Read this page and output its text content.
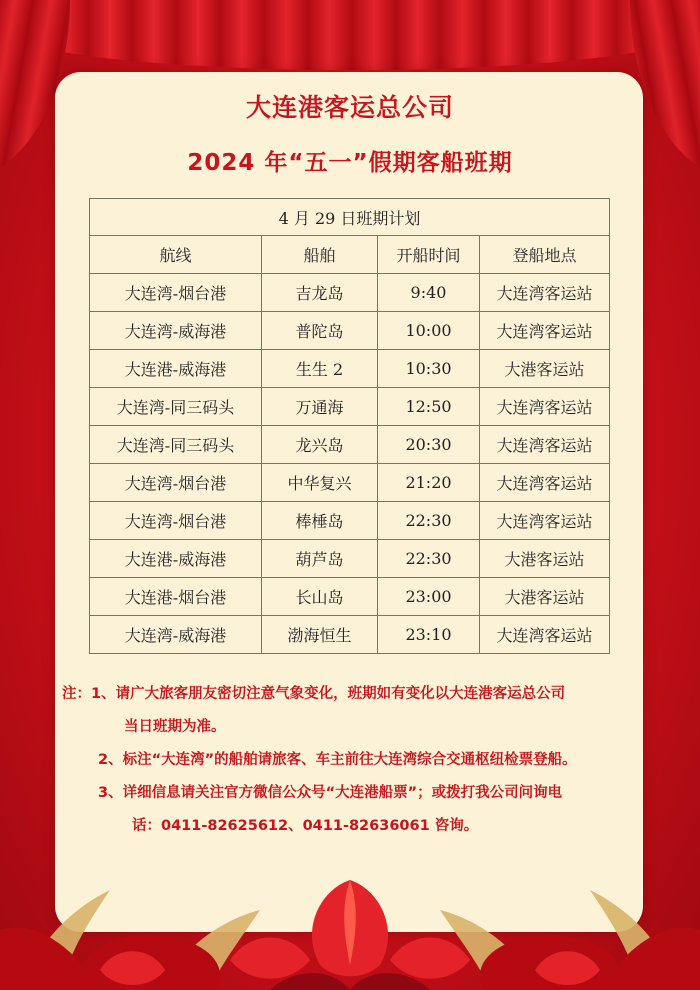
大连港客运总公司
2024 年“五一”假期客船班期
4 月 29 日班期计划			
航线	船舶	开船时间	登船地点
大连湾-烟台港	吉龙岛	9:40	大连湾客运站
大连湾-威海港	普陀岛	10:00	大连湾客运站
大连港-威海港	生生 2	10:30	大港客运站
大连湾-同三码头	万通海	12:50	大连湾客运站
大连湾-同三码头	龙兴岛	20:30	大连湾客运站
大连湾-烟台港	中华复兴	21:20	大连湾客运站
大连湾-烟台港	棒棰岛	22:30	大连湾客运站
大连港-威海港	葫芦岛	22:30	大港客运站
大连港-烟台港	长山岛	23:00	大港客运站
大连湾-威海港	渤海恒生	23:10	大连湾客运站
注：1、请广大旅客朋友密切注意气象变化，班期如有变化以大连港客运总公司
当日班期为准。
2、标注“大连湾”的船舶请旅客、车主前往大连湾综合交通枢纽检票登船。
3、详细信息请关注官方微信公众号“大连港船票”；或拨打我公司问询电
话：0411-82625612、0411-82636061 咨询。
